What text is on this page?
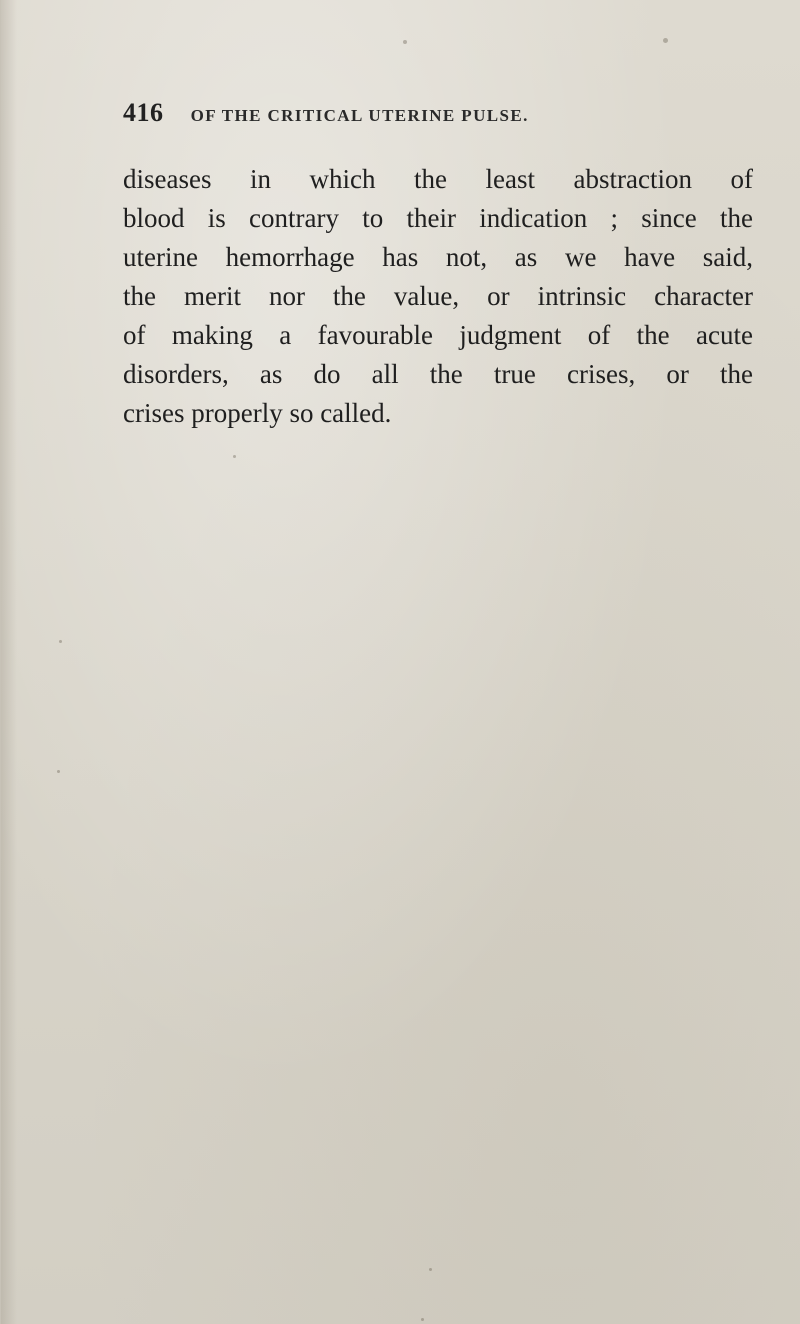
416 OF THE CRITICAL UTERINE PULSE.
diseases in which the least abstraction of
blood is contrary to their indication ; since the
uterine hemorrhage has not, as we have said,
the merit nor the value, or intrinsic character
of making a favourable judgment of the acute
disorders, as do all the true crises, or the
crises properly so called.
